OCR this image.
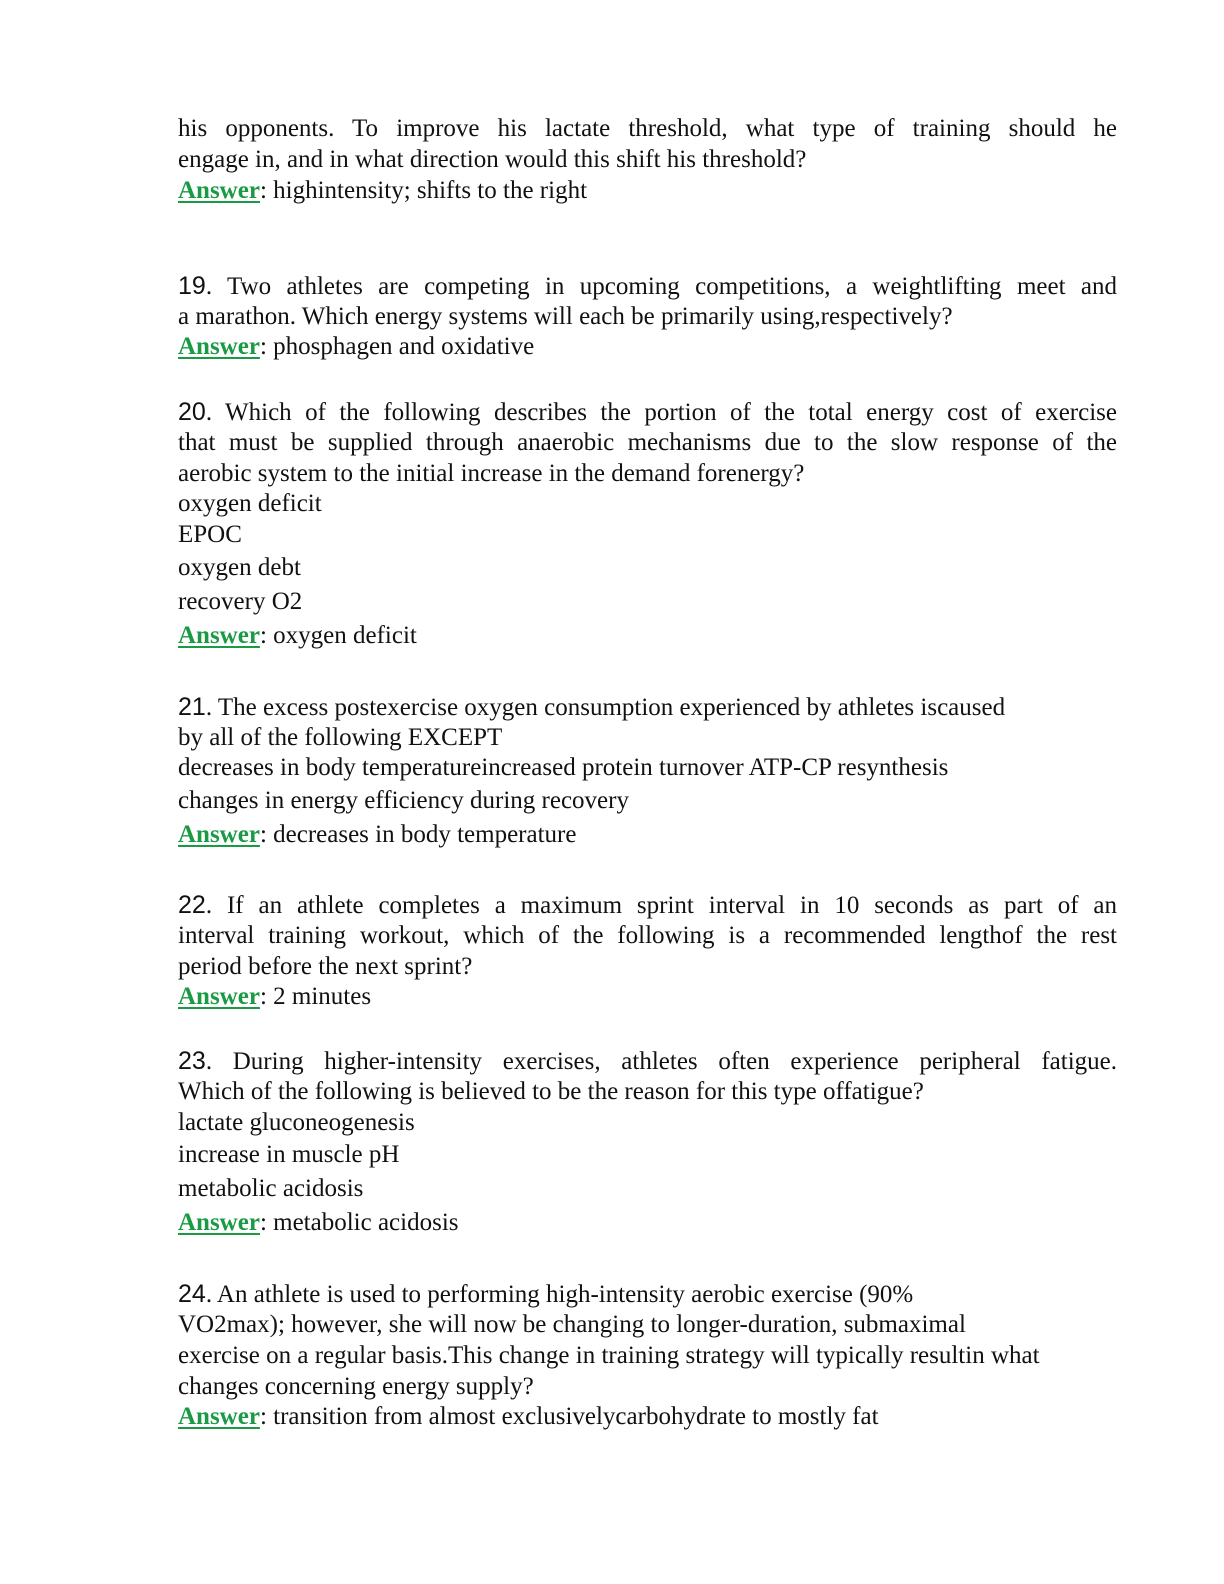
his opponents. To improve his lactate threshold, what type of training should he
engage in, and in what direction would this shift his threshold?
Answer: highintensity; shifts to the right
19. Two athletes are competing in upcoming competitions, a weightlifting meet and
a marathon. Which energy systems will each be primarily using,respectively?
Answer: phosphagen and oxidative
20. Which of the following describes the portion of the total energy cost of exercise
that must be supplied through anaerobic mechanisms due to the slow response of the
aerobic system to the initial increase in the demand forenergy?
oxygen deficit
EPOC
oxygen debt
recovery O2
Answer: oxygen deficit
21. The excess postexercise oxygen consumption experienced by athletes iscaused
by all of the following EXCEPT
decreases in body temperatureincreased protein turnover ATP-CP resynthesis
changes in energy efficiency during recovery
Answer: decreases in body temperature
22. If an athlete completes a maximum sprint interval in 10 seconds as part of an
interval training workout, which of the following is a recommended lengthof the rest
period before the next sprint?
Answer: 2 minutes
23. During higher-intensity exercises, athletes often experience peripheral fatigue.
Which of the following is believed to be the reason for this type offatigue?
lactate gluconeogenesis
increase in muscle pH
metabolic acidosis
Answer: metabolic acidosis
24. An athlete is used to performing high-intensity aerobic exercise (90%
VO2max); however, she will now be changing to longer-duration, submaximal
exercise on a regular basis.This change in training strategy will typically resultin what
changes concerning energy supply?
Answer: transition from almost exclusivelycarbohydrate to mostly fat
